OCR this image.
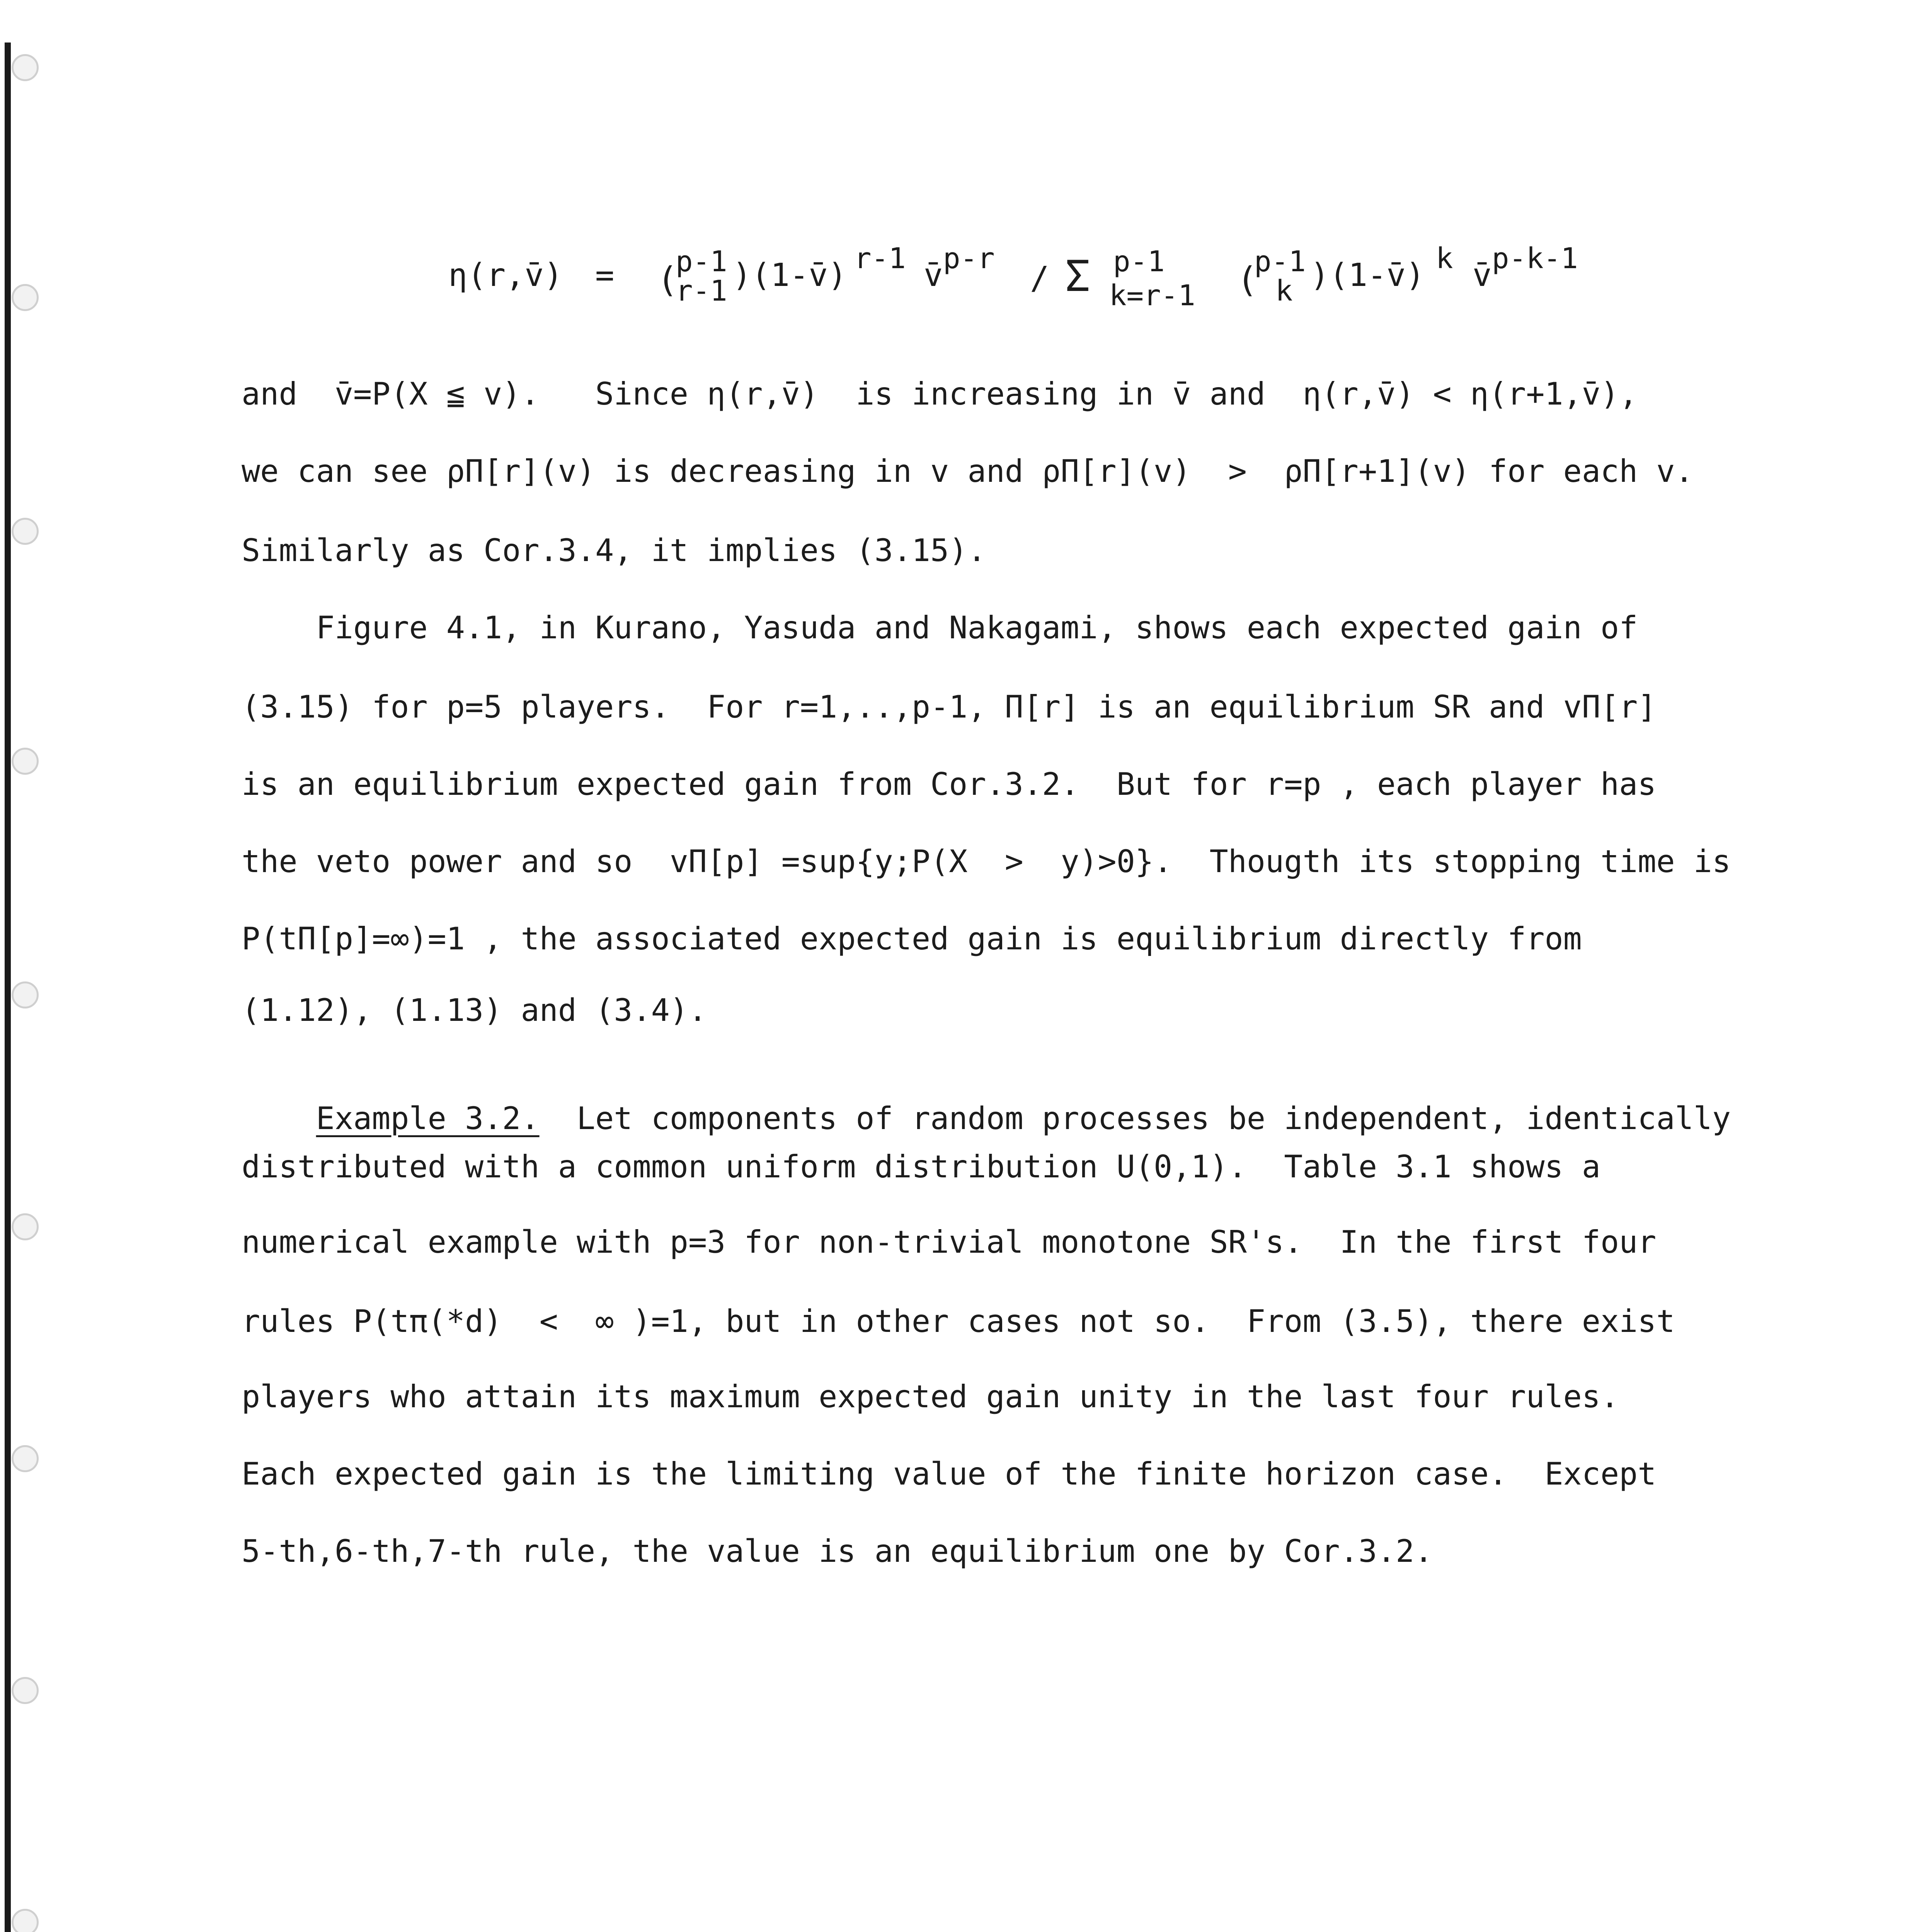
η(r,v̄) = (
p-1
r-1 )(1-v̄) r-1 v̄ p-r
/ Σ p-1
k=r-1 (
p-1
k )(1-v̄) k v̄ p-k-1
and  v̄=P(X ≦ v).   Since η(r,v̄)  is increasing in v̄ and  η(r,v̄) < η(r+1,v̄),
we can see ρΠ[r](v) is decreasing in v and ρΠ[r](v)  >  ρΠ[r+1](v) for each v.
Similarly as Cor.3.4, it implies (3.15).
Figure 4.1, in Kurano, Yasuda and Nakagami, shows each expected gain of
(3.15) for p=5 players.  For r=1,..,p-1, Π[r] is an equilibrium SR and vΠ[r]
is an equilibrium expected gain from Cor.3.2.  But for r=p , each player has
the veto power and so  vΠ[p] =sup{y;P(X  >  y)>0}.  Thougth its stopping time is
P(tΠ[p]=∞)=1 , the associated expected gain is equilibrium directly from
(1.12), (1.13) and (3.4).

Example 3.2.  Let components of random processes be independent, identically

distributed with a common uniform distribution U(0,1).  Table 3.1 shows a
numerical example with p=3 for non-trivial monotone SR's.  In the first four
rules P(tπ(*d)  <  ∞ )=1, but in other cases not so.  From (3.5), there exist
players who attain its maximum expected gain unity in the last four rules.
Each expected gain is the limiting value of the finite horizon case.  Except
5-th,6-th,7-th rule, the value is an equilibrium one by Cor.3.2.
